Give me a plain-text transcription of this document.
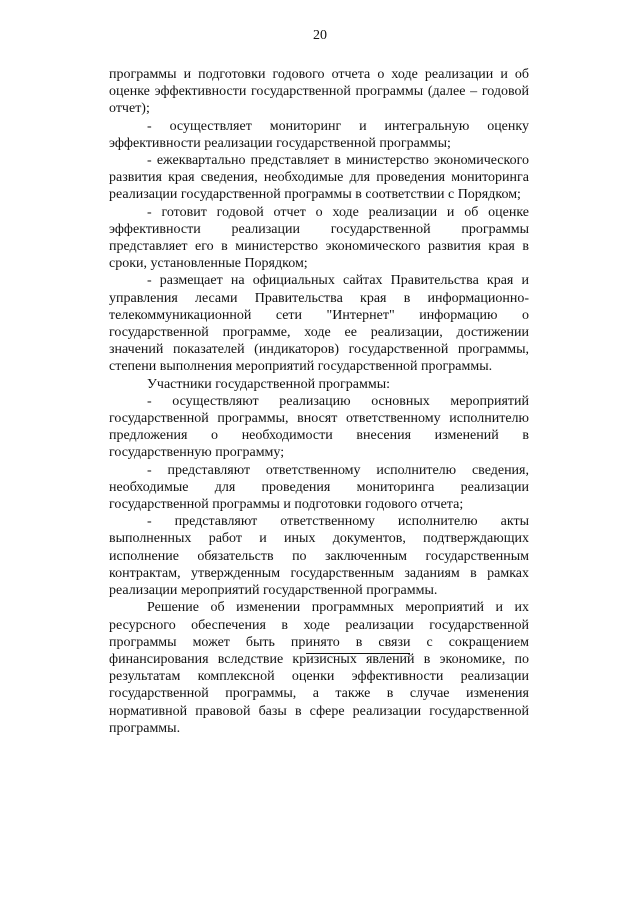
20

программы и подготовки годового отчета о ходе реализации и об оценке эффективности государственной программы (далее – годовой отчет);

- осуществляет мониторинг и интегральную оценку эффективности реализации государственной программы;

- ежеквартально представляет в министерство экономического развития края сведения, необходимые для проведения мониторинга реализации государственной программы в соответствии с Порядком;

- готовит годовой отчет о ходе реализации и об оценке эффективности реализации государственной программы представляет его в министерство экономического развития края в сроки, установленные Порядком;

- размещает на официальных сайтах Правительства края и управления лесами Правительства края в информационно-телекоммуникационной сети "Интернет" информацию о государственной программе, ходе ее реализации, достижении значений показателей (индикаторов) государственной программы, степени выполнения мероприятий государственной программы.

Участники государственной программы:

- осуществляют реализацию основных мероприятий государственной программы, вносят ответственному исполнителю предложения о необходимости внесения изменений в государственную программу;

- представляют ответственному исполнителю сведения, необходимые для проведения мониторинга реализации государственной программы и подготовки годового отчета;

- представляют ответственному исполнителю акты выполненных работ и иных документов, подтверждающих исполнение обязательств по заключенным государственным контрактам, утвержденным государственным заданиям в рамках реализации мероприятий государственной программы.

Решение об изменении программных мероприятий и их ресурсного обеспечения в ходе реализации государственной программы может быть принято в связи с сокращением финансирования вследствие кризисных явлений в экономике, по результатам комплексной оценки эффективности реализации государственной программы, а также в случае изменения нормативной правовой базы в сфере реализации государственной программы.
